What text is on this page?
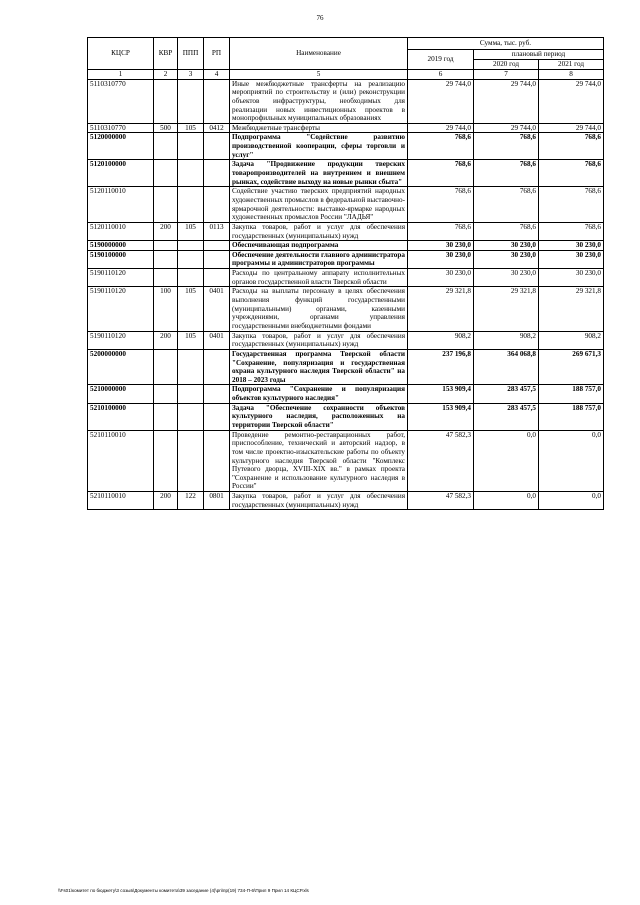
76
КЦСР	КВР	ППП	РП	Наименование	Сумма, тыс. руб.		
					2019 год	плановый период	
						2020 год	2021 год
1	2	3	4	5	6	7	8
5110310770				Иные межбюджетные трансферты на реализацию мероприятий по строительству и (или) реконструкции объектов инфраструктуры, необходимых для реализации новых инвестиционных проектов в монопрофильных муниципальных образованиях	29 744,0	29 744,0	29 744,0
5110310770	500	105	0412	Межбюджетные трансферты	29 744,0	29 744,0	29 744,0
5120000000				Подпрограмма "Содействие развитию производственной кооперации, сферы торговли и услуг"	768,6	768,6	768,6
5120100000				Задача "Продвижение продукции тверских товаропроизводителей на внутреннем и внешнем рынках, содействие выходу на новые рынки сбыта"	768,6	768,6	768,6
5120110010				Содействие участию тверских предприятий народных художественных промыслов в федеральной выставочно-ярмарочной деятельности: выставке-ярмарке народных художественных промыслов России "ЛАДЬЯ"	768,6	768,6	768,6
5120110010	200	105	0113	Закупка товаров, работ и услуг для обеспечения государственных (муниципальных) нужд	768,6	768,6	768,6
5190000000				Обеспечивающая подпрограмма	30 230,0	30 230,0	30 230,0
5190100000				Обеспечение деятельности главного администратора программы и администраторов программы	30 230,0	30 230,0	30 230,0
5190110120				Расходы по центральному аппарату исполнительных органов государственной власти Тверской области	30 230,0	30 230,0	30 230,0
5190110120	100	105	0401	Расходы на выплаты персоналу в целях обеспечения выполнения функций государственными (муниципальными) органами, казенными учреждениями, органами управления государственными внебюджетными фондами	29 321,8	29 321,8	29 321,8
5190110120	200	105	0401	Закупка товаров, работ и услуг для обеспечения государственных (муниципальных) нужд	908,2	908,2	908,2
5200000000				Государственная программа Тверской области "Сохранение, популяризация и государственная охрана культурного наследия Тверской области" на 2018 – 2023 годы	237 196,8	364 068,8	269 671,3
5210000000				Подпрограмма "Сохранение и популяризация объектов культурного наследия"	153 909,4	283 457,5	188 757,0
5210100000				Задача "Обеспечение сохранности объектов культурного наследия, расположенных на территории Тверской области"	153 909,4	283 457,5	188 757,0
5210110010				Проведение ремонтно-реставрационных работ, приспособление, технический и авторский надзор, в том числе проектно-изыскательские работы по объекту культурного наследия Тверской области "Комплекс Путевого дворца, XVIII-XIX вв." в рамках проекта "Сохранение и использование культурного наследия в России"	47 582,3	0,0	0,0
5210110010	200	122	0801	Закупка товаров, работ и услуг для обеспечения государственных (муниципальных) нужд	47 582,3	0,0	0,0
\\Fs01\комитет по бюджету\3 созыв\Документы комитета\39 заседание (4)\рп\пр(19) 734-П-6\Прил 9 Прил 14 КЦСР.xls
